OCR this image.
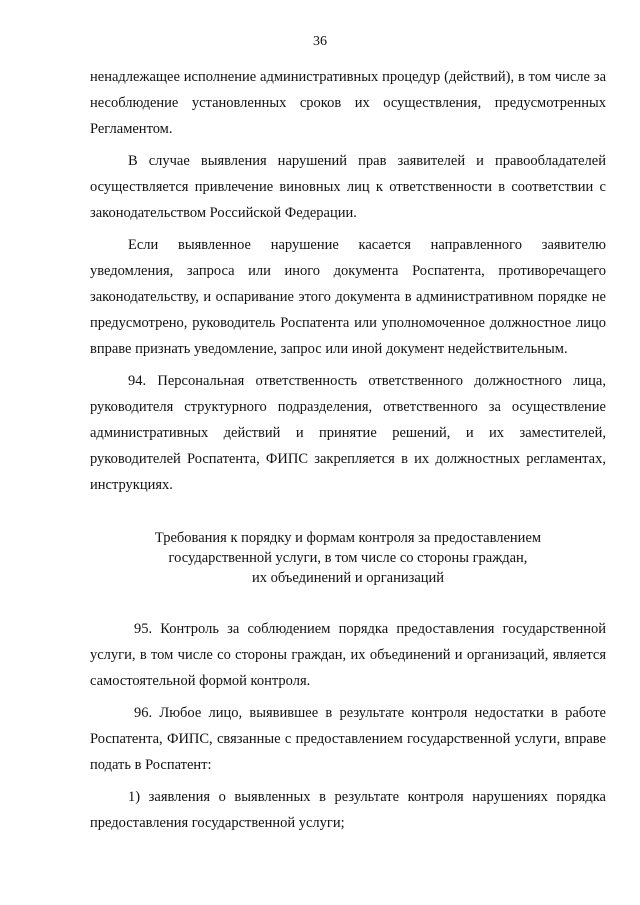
36

ненадлежащее исполнение административных процедур (действий), в том числе за несоблюдение установленных сроков их осуществления, предусмотренных Регламентом.

В случае выявления нарушений прав заявителей и правообладателей осуществляется привлечение виновных лиц к ответственности в соответствии с законодательством Российской Федерации.

Если выявленное нарушение касается направленного заявителю уведомления, запроса или иного документа Роспатента, противоречащего законодательству, и оспаривание этого документа в административном порядке не предусмотрено, руководитель Роспатента или уполномоченное должностное лицо вправе признать уведомление, запрос или иной документ недействительным.

94. Персональная ответственность ответственного должностного лица, руководителя структурного подразделения, ответственного за осуществление административных действий и принятие решений, и их заместителей, руководителей Роспатента, ФИПС закрепляется в их должностных регламентах, инструкциях.

Требования к порядку и формам контроля за предоставлением
государственной услуги, в том числе со стороны граждан,
их объединений и организаций

95. Контроль за соблюдением порядка предоставления государственной услуги, в том числе со стороны граждан, их объединений и организаций, является самостоятельной формой контроля.

96. Любое лицо, выявившее в результате контроля недостатки в работе Роспатента, ФИПС, связанные с предоставлением государственной услуги, вправе подать в Роспатент:

1) заявления о выявленных в результате контроля нарушениях порядка предоставления государственной услуги;
